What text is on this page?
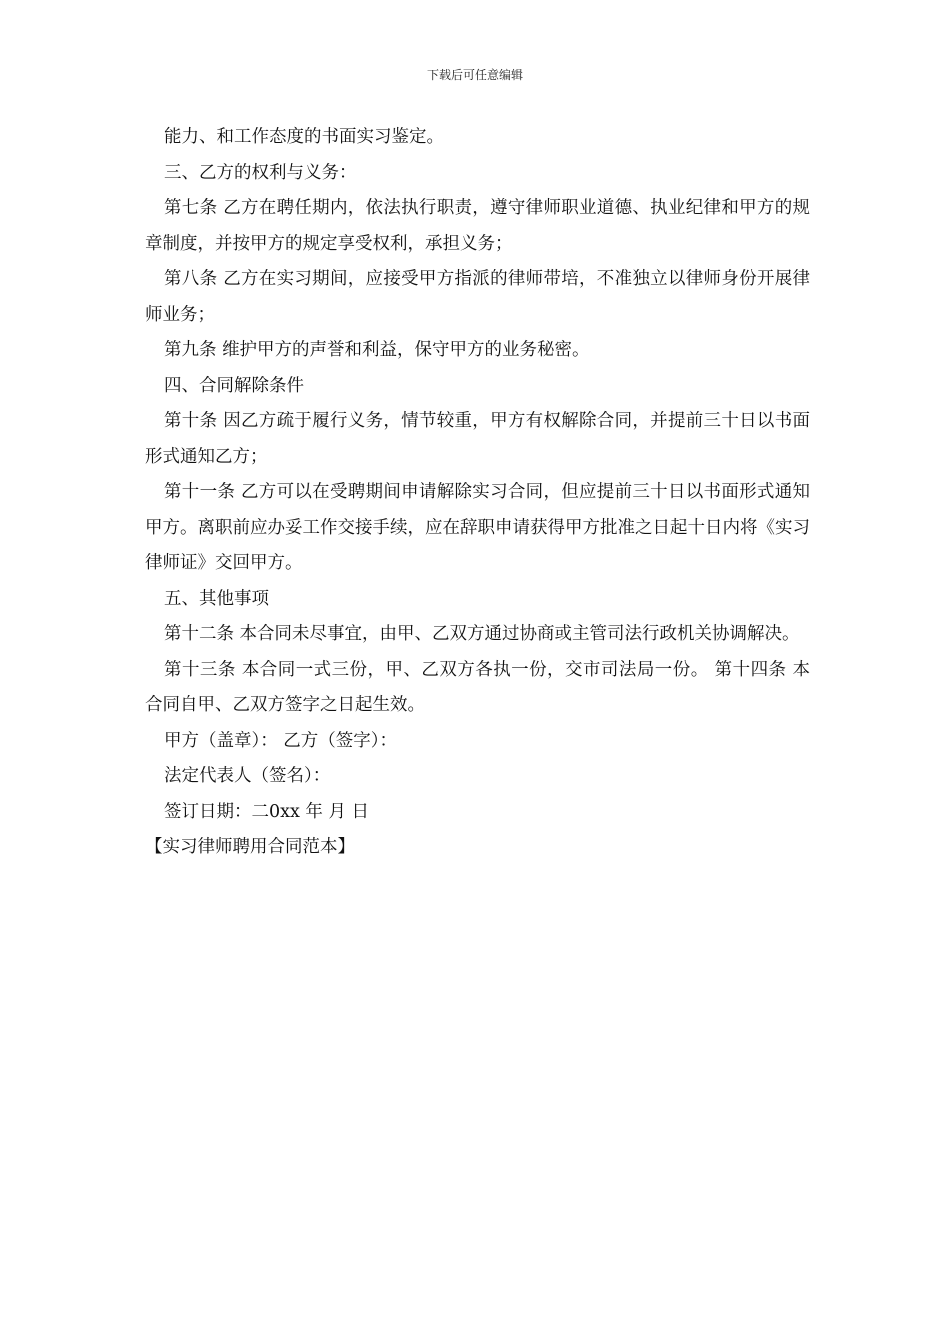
下载后可任意编辑

能力、和工作态度的书面实习鉴定。

三、乙方的权利与义务：

第七条 乙方在聘任期内，依法执行职责，遵守律师职业道德、执业纪律和甲方的规章制度，并按甲方的规定享受权利，承担义务；

第八条 乙方在实习期间，应接受甲方指派的律师带培，不准独立以律师身份开展律师业务；

第九条 维护甲方的声誉和利益，保守甲方的业务秘密。

四、合同解除条件

第十条 因乙方疏于履行义务，情节较重，甲方有权解除合同，并提前三十日以书面形式通知乙方；

第十一条 乙方可以在受聘期间申请解除实习合同，但应提前三十日以书面形式通知甲方。离职前应办妥工作交接手续，应在辞职申请获得甲方批准之日起十日内将《实习律师证》交回甲方。

五、其他事项

第十二条 本合同未尽事宜，由甲、乙双方通过协商或主管司法行政机关协调解决。

第十三条 本合同一式三份，甲、乙双方各执一份，交市司法局一份。 第十四条 本合同自甲、乙双方签字之日起生效。

甲方（盖章）： 乙方（签字）：

法定代表人（签名）：

签订日期：二0xx 年 月 日

【实习律师聘用合同范本】
